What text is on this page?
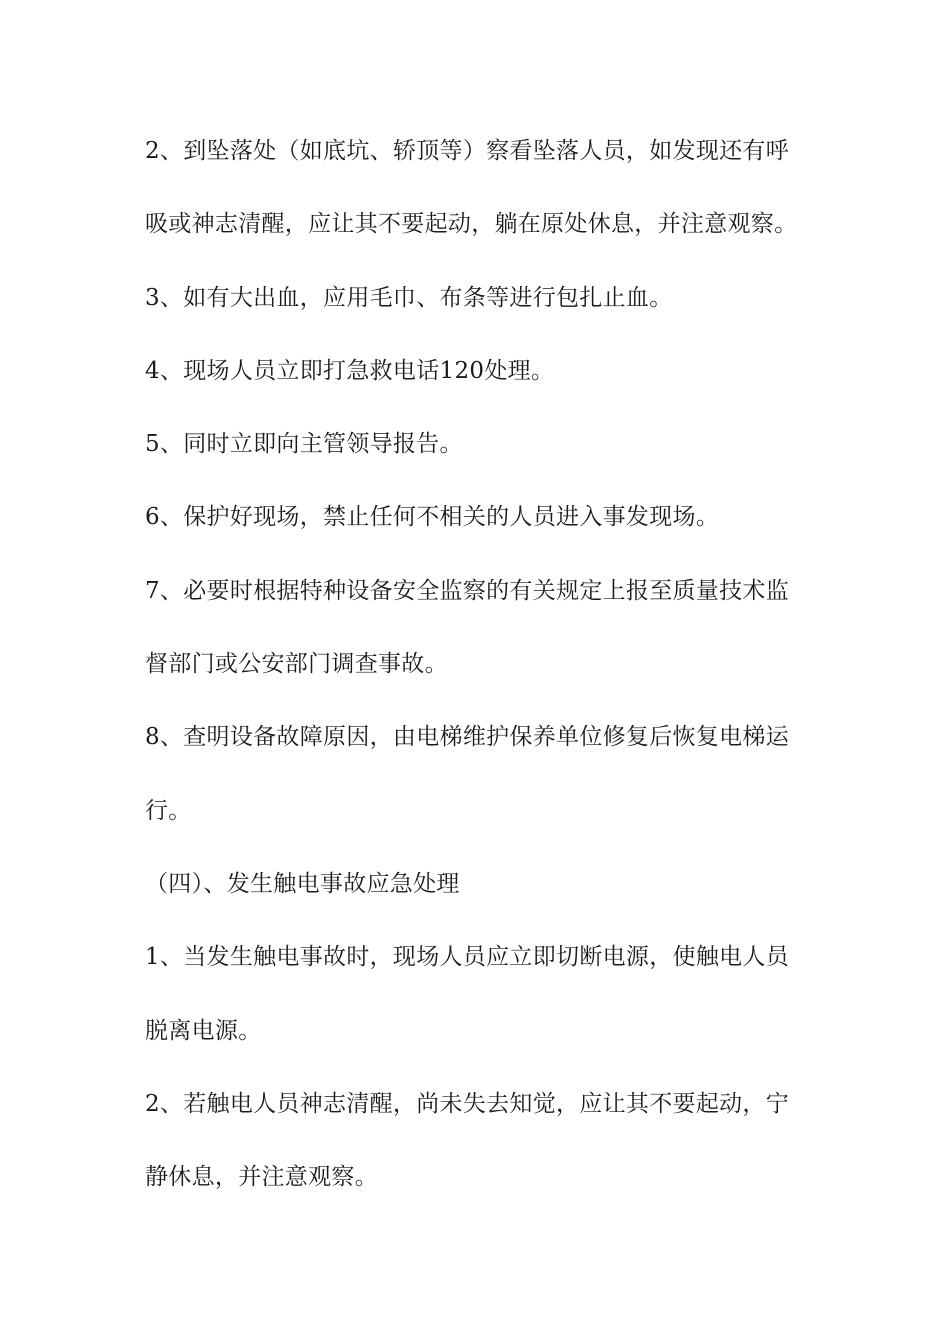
2、到坠落处（如底坑、轿顶等）察看坠落人员，如发现还有呼
吸或神志清醒，应让其不要起动，躺在原处休息，并注意观察。
3、如有大出血，应用毛巾、布条等进行包扎止血。
4、现场人员立即打急救电话120处理。
5、同时立即向主管领导报告。
6、保护好现场，禁止任何不相关的人员进入事发现场。
7、必要时根据特种设备安全监察的有关规定上报至质量技术监
督部门或公安部门调查事故。
8、查明设备故障原因，由电梯维护保养单位修复后恢复电梯运
行。
（四）、发生触电事故应急处理
1、当发生触电事故时，现场人员应立即切断电源，使触电人员
脱离电源。
2、若触电人员神志清醒，尚未失去知觉，应让其不要起动，宁
静休息，并注意观察。
